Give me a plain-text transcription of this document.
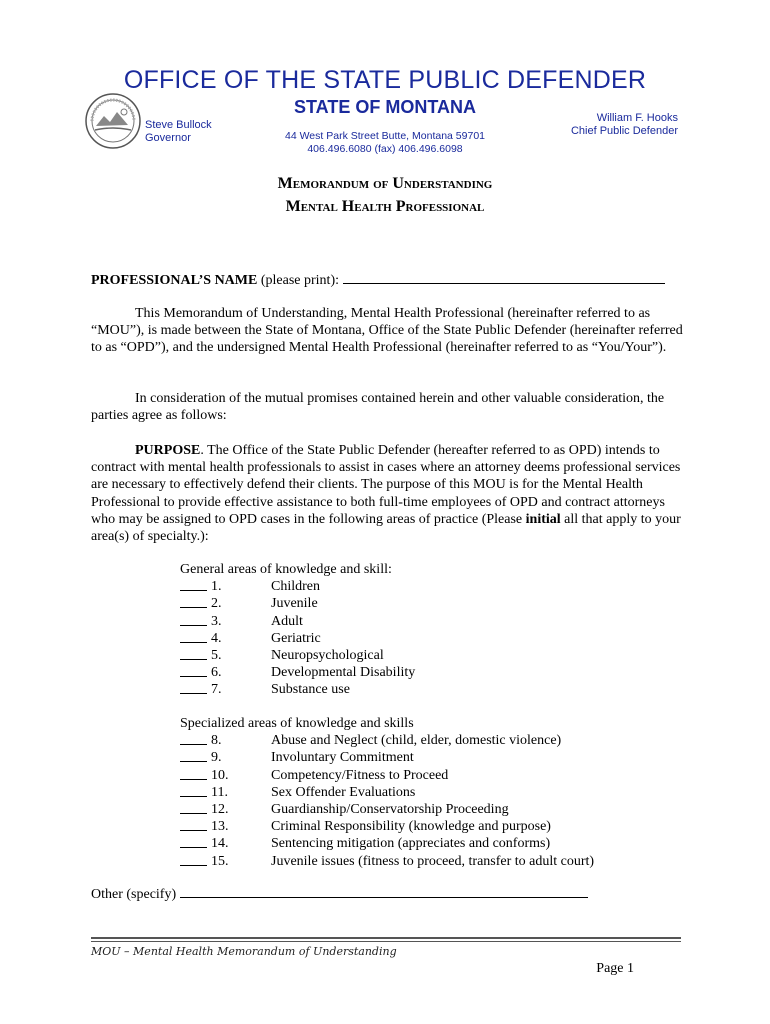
OFFICE OF THE STATE PUBLIC DEFENDER
STATE OF MONTANA
Steve Bullock
Governor	44 West Park Street Butte, Montana 59701
406.496.6080 (fax) 406.496.6098
William F. Hooks
Chief Public Defender
Memorandum of Understanding
Mental Health Professional
PROFESSIONAL’S NAME (please print):
This Memorandum of Understanding, Mental Health Professional (hereinafter referred to as “MOU”), is made between the State of Montana, Office of the State Public Defender (hereinafter referred to as “OPD”), and the undersigned Mental Health Professional (hereinafter referred to as “You/Your”).
In consideration of the mutual promises contained herein and other valuable consideration, the parties agree as follows:
PURPOSE. The Office of the State Public Defender (hereafter referred to as OPD) intends to contract with mental health professionals to assist in cases where an attorney deems professional services are necessary to effectively defend their clients. The purpose of this MOU is for the Mental Health Professional to provide effective assistance to both full-time employees of OPD and contract attorneys who may be assigned to OPD cases in the following areas of practice (Please initial all that apply to your area(s) of specialty.):
General areas of knowledge and skill:
1.	Children
2.	Juvenile
3.	Adult
4.	Geriatric
5.	Neuropsychological
6.	Developmental Disability
7.	Substance use
Specialized areas of knowledge and skills
8.	Abuse and Neglect (child, elder, domestic violence)
9.	Involuntary Commitment
10.	Competency/Fitness to Proceed
11.	Sex Offender Evaluations
12.	Guardianship/Conservatorship Proceeding
13.	Criminal Responsibility (knowledge and purpose)
14.	Sentencing mitigation (appreciates and conforms)
15.	Juvenile issues (fitness to proceed, transfer to adult court)
Other (specify)
MOU – Mental Health Memorandum of Understanding
Page 1
